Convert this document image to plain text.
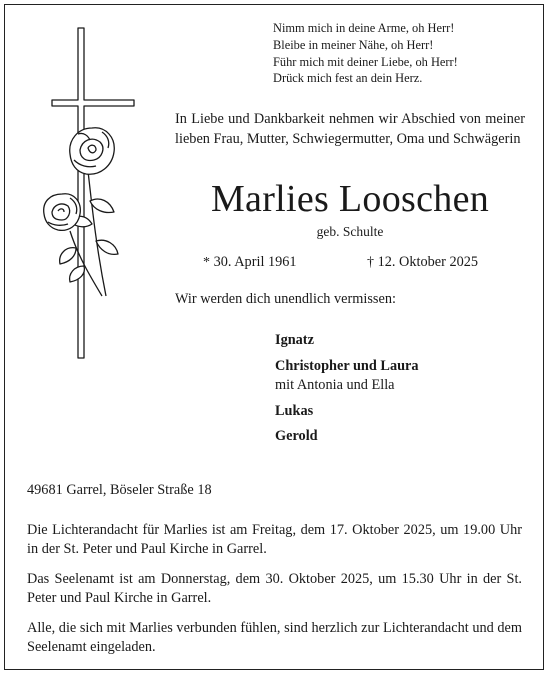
Nimm mich in deine Arme, oh Herr!
Bleibe in meiner Nähe, oh Herr!
Führ mich mit deiner Liebe, oh Herr!
Drück mich fest an dein Herz.
In Liebe und Dankbarkeit nehmen wir Abschied von meiner lieben Frau, Mutter, Schwiegermutter, Oma und Schwägerin
Marlies Looschen
geb. Schulte
* 30. April 1961	† 12. Oktober 2025
Wir werden dich unendlich vermissen:
Ignatz
Christopher und Laura
mit Antonia und Ella
Lukas
Gerold
49681 Garrel, Böseler Straße 18

Die Lichterandacht für Marlies ist am Freitag, dem 17. Oktober 2025, um 19.00 Uhr in der St. Peter und Paul Kirche in Garrel.

Das Seelenamt ist am Donnerstag, dem 30. Oktober 2025, um 15.30 Uhr in der St. Peter und Paul Kirche in Garrel.

Alle, die sich mit Marlies verbunden fühlen, sind herzlich zur Lichterandacht und dem Seelenamt eingeladen.
